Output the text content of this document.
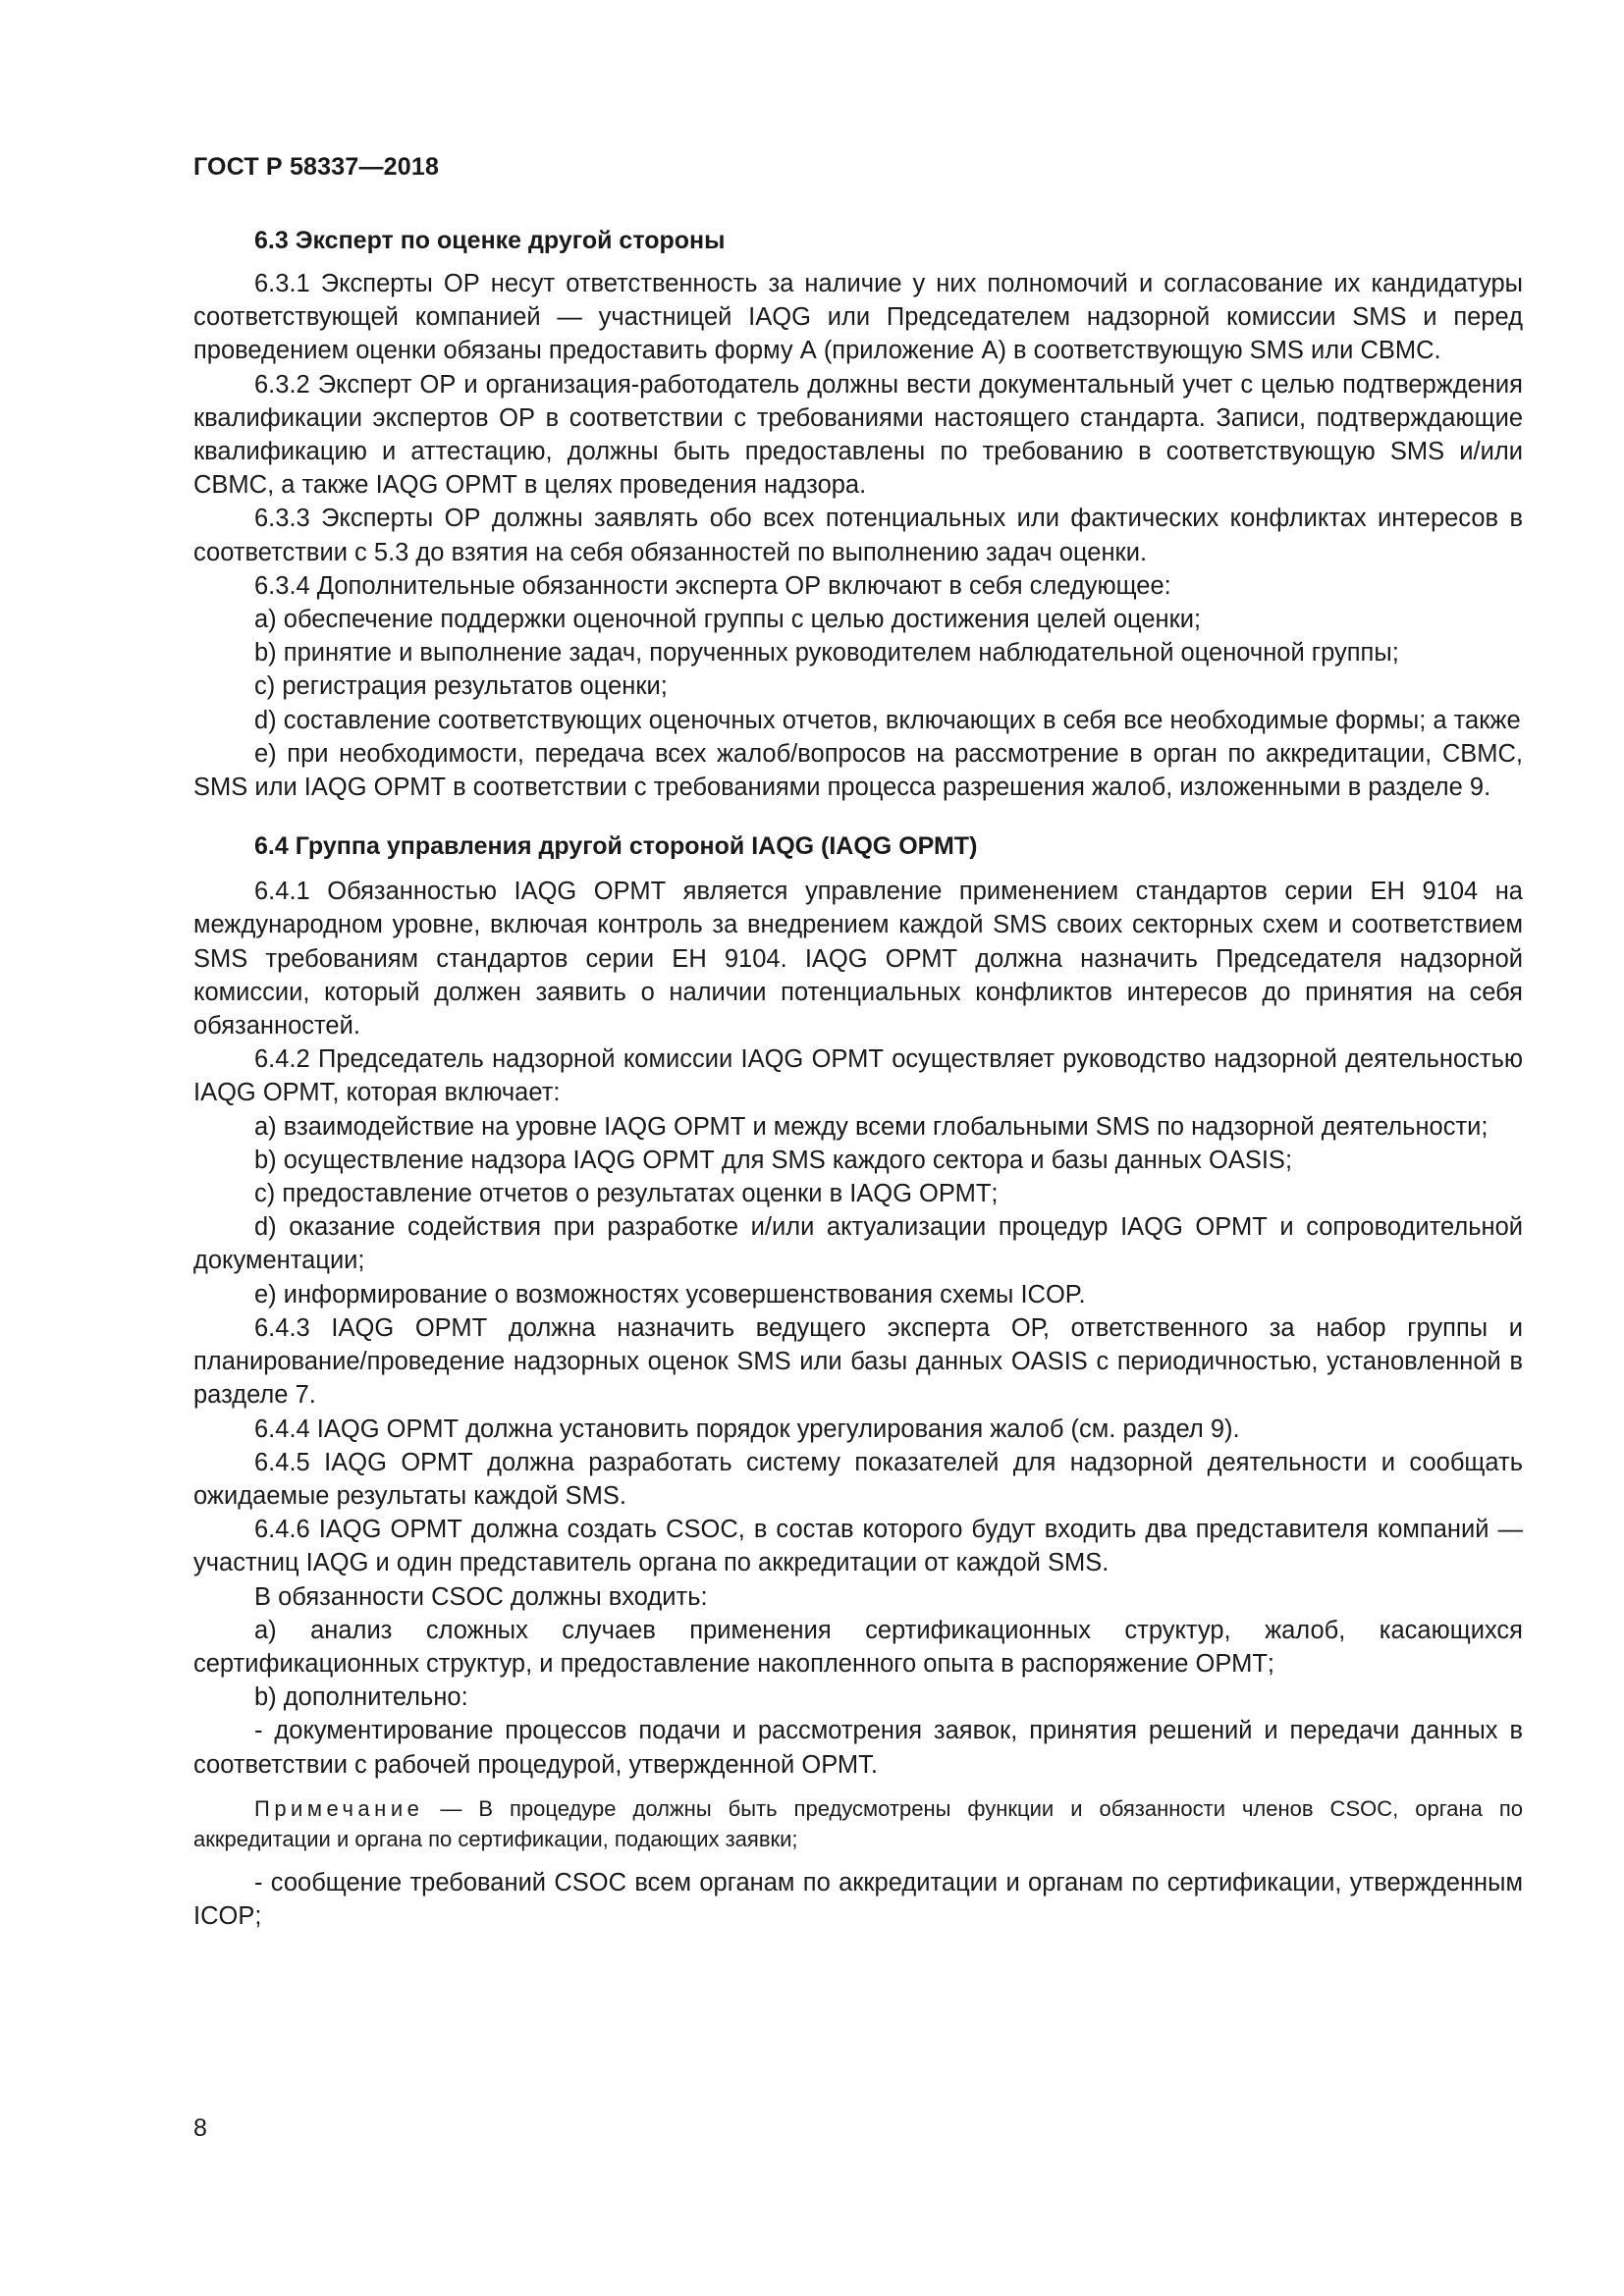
ГОСТ Р 58337—2018
6.3 Эксперт по оценке другой стороны

6.3.1 Эксперты ОР несут ответственность за наличие у них полномочий и согласование их кандидатуры соответствующей компанией — участницей IAQG или Председателем надзорной комиссии SMS и перед проведением оценки обязаны предоставить форму А (приложение А) в соответствующую SMS или СВМС.

6.3.2 Эксперт ОР и организация-работодатель должны вести документальный учет с целью подтверждения квалификации экспертов ОР в соответствии с требованиями настоящего стандарта. Записи, подтверждающие квалификацию и аттестацию, должны быть предоставлены по требованию в соответствующую SMS и/или СВМС, а также IAQG ОРМТ в целях проведения надзора.

6.3.3 Эксперты ОР должны заявлять обо всех потенциальных или фактических конфликтах интересов в соответствии с 5.3 до взятия на себя обязанностей по выполнению задач оценки.

6.3.4 Дополнительные обязанности эксперта ОР включают в себя следующее:

a) обеспечение поддержки оценочной группы с целью достижения целей оценки;

b) принятие и выполнение задач, порученных руководителем наблюдательной оценочной группы;

c) регистрация результатов оценки;

d) составление соответствующих оценочных отчетов, включающих в себя все необходимые формы; а также

e) при необходимости, передача всех жалоб/вопросов на рассмотрение в орган по аккредитации, СВМС, SMS или IAQG ОРМТ в соответствии с требованиями процесса разрешения жалоб, изложенными в разделе 9.

6.4 Группа управления другой стороной IAQG (IAQG ОРМТ)

6.4.1 Обязанностью IAQG ОРМТ является управление применением стандартов серии ЕН 9104 на международном уровне, включая контроль за внедрением каждой SMS своих секторных схем и соответствием SMS требованиям стандартов серии ЕН 9104. IAQG ОРМТ должна назначить Председателя надзорной комиссии, который должен заявить о наличии потенциальных конфликтов интересов до принятия на себя обязанностей.

6.4.2 Председатель надзорной комиссии IAQG ОРМТ осуществляет руководство надзорной деятельностью IAQG ОРМТ, которая включает:

a) взаимодействие на уровне IAQG ОРМТ и между всеми глобальными SMS по надзорной деятельности;

b) осуществление надзора IAQG ОРМТ для SMS каждого сектора и базы данных OASIS;

c) предоставление отчетов о результатах оценки в IAQG ОРМТ;

d) оказание содействия при разработке и/или актуализации процедур IAQG ОРМТ и сопроводительной документации;

e) информирование о возможностях усовершенствования схемы ICOP.

6.4.3 IAQG ОРМТ должна назначить ведущего эксперта ОР, ответственного за набор группы и планирование/проведение надзорных оценок SMS или базы данных OASIS с периодичностью, установленной в разделе 7.

6.4.4 IAQG ОРМТ должна установить порядок урегулирования жалоб (см. раздел 9).

6.4.5 IAQG ОРМТ должна разработать систему показателей для надзорной деятельности и сообщать ожидаемые результаты каждой SMS.

6.4.6 IAQG ОРМТ должна создать CSOC, в состав которого будут входить два представителя компаний — участниц IAQG и один представитель органа по аккредитации от каждой SMS.

В обязанности CSOC должны входить:

a) анализ сложных случаев применения сертификационных структур, жалоб, касающихся сертификационных структур, и предоставление накопленного опыта в распоряжение ОРМТ;

b) дополнительно:

- документирование процессов подачи и рассмотрения заявок, принятия решений и передачи данных в соответствии с рабочей процедурой, утвержденной ОРМТ.

Примечание — В процедуре должны быть предусмотрены функции и обязанности членов CSOC, органа по аккредитации и органа по сертификации, подающих заявки;

- сообщение требований CSOC всем органам по аккредитации и органам по сертификации, утвержденным ICOP;

8
